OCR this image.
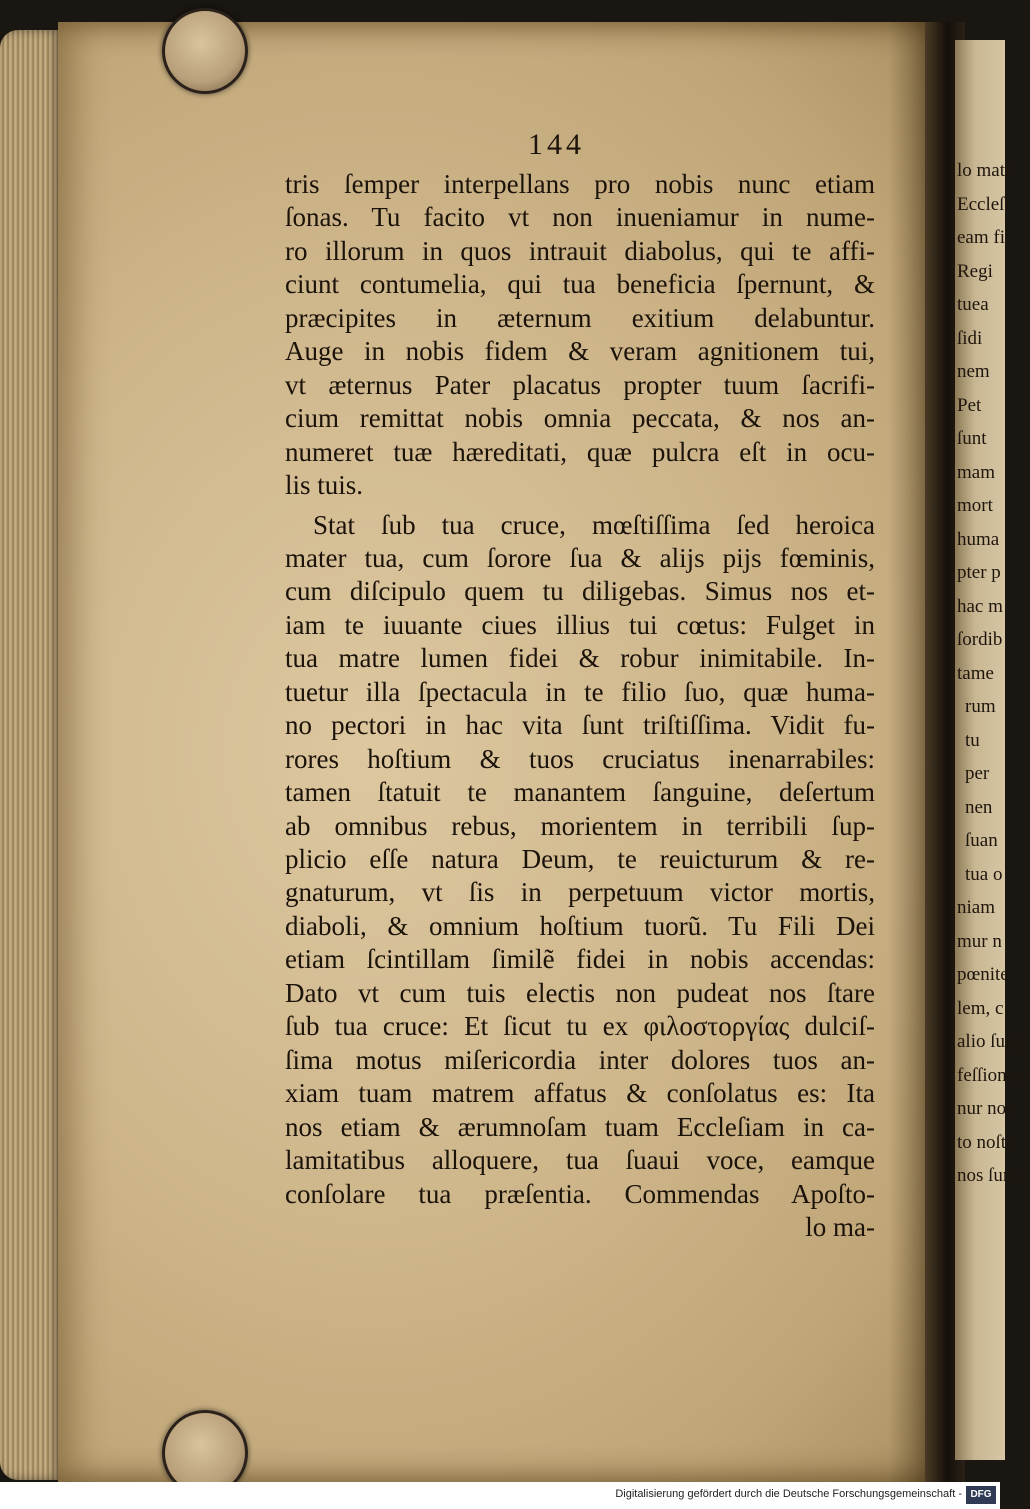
144
tris ſemper interpellans pro nobis nunc etiam
ſonas. Tu facito vt non inueniamur in nume-
ro illorum in quos intrauit diabolus, qui te affi-
ciunt contumelia, qui tua beneficia ſpernunt, &
præcipites in æternum exitium delabuntur.
Auge in nobis fidem & veram agnitionem tui,
vt æternus Pater placatus propter tuum ſacrifi-
cium remittat nobis omnia peccata, & nos an-
numeret tuæ hæreditati, quæ pulcra eſt in ocu-
lis tuis.
Stat ſub tua cruce, mœſtiſſima ſed heroica
mater tua, cum ſorore ſua & alijs pijs fœminis,
cum diſcipulo quem tu diligebas. Simus nos et-
iam te iuuante ciues illius tui cœtus: Fulget in
tua matre lumen fidei & robur inimitabile. In-
tuetur illa ſpectacula in te filio ſuo, quæ huma-
no pectori in hac vita ſunt triſtiſſima. Vidit fu-
rores hoſtium & tuos cruciatus inenarrabiles:
tamen ſtatuit te manantem ſanguine, deſertum
ab omnibus rebus, morientem in terribili ſup-
plicio eſſe natura Deum, te reuicturum & re-
gnaturum, vt ſis in perpetuum victor mortis,
diaboli, & omnium hoſtium tuorũ. Tu Fili Dei
etiam ſcintillam ſimilẽ fidei in nobis accendas:
Dato vt cum tuis electis non pudeat nos ſtare
ſub tua cruce: Et ſicut tu ex φιλοστοργίας dulciſ-
ſima motus miſericordia inter dolores tuos an-
xiam tuam matrem affatus & conſolatus es: Ita
nos etiam & ærumnoſam tuam Eccleſiam in ca-
lamitatibus alloquere, tua ſuaui voce, eamque
conſolare tua præſentia. Commendas Apoſto-
lo matr
Eccleſi
eam fi
Regi
tuea
ſidi
nem
Pet
ſunt
mam
mort
huma
pter p
hac m
ſordib
tame
rum
tu
per
nen
ſuan
tua o
niam
mur n
pœnite
lem, c
alio ſugg
feſſionem
nur nos
to noſtri
nos ſumu
lo ma-
Digitalisierung gefördert durch die Deutsche Forschungsgemeinschaft - DFG
